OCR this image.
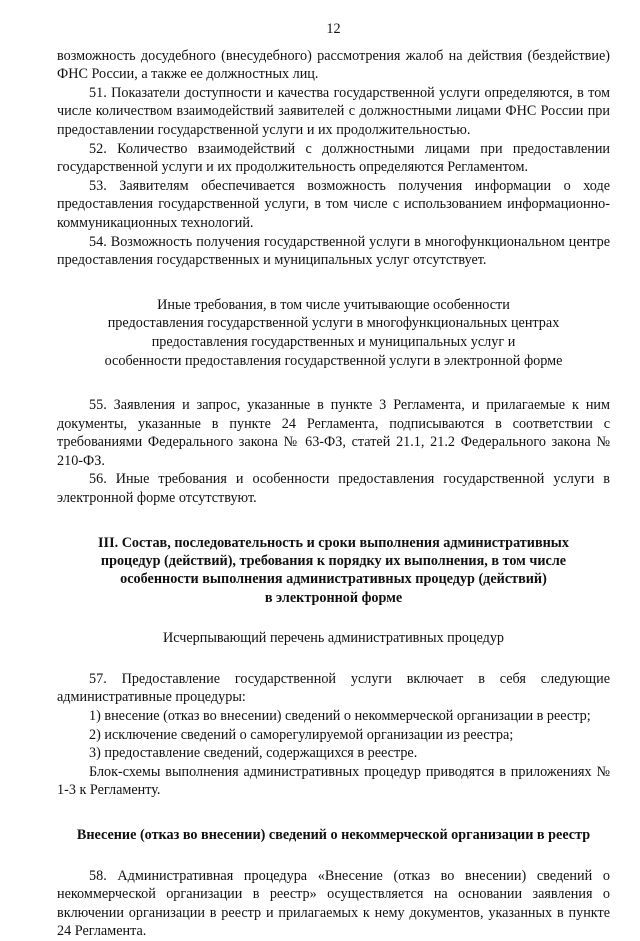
12

возможность досудебного (внесудебного) рассмотрения жалоб на действия (бездействие) ФНС России, а также ее должностных лиц.

51. Показатели доступности и качества государственной услуги определяются, в том числе количеством взаимодействий заявителей с должностными лицами ФНС России при предоставлении государственной услуги и их продолжительностью.

52. Количество взаимодействий с должностными лицами при предоставлении государственной услуги и их продолжительность определяются Регламентом.

53. Заявителям обеспечивается возможность получения информации о ходе предоставления государственной услуги, в том числе с использованием информационно-коммуникационных технологий.

54. Возможность получения государственной услуги в многофункциональном центре предоставления государственных и муниципальных услуг отсутствует.

Иные требования, в том числе учитывающие особенности
предоставления государственной услуги в многофункциональных центрах
предоставления государственных и муниципальных услуг и
особенности предоставления государственной услуги в электронной форме

55. Заявления и запрос, указанные в пункте 3 Регламента, и прилагаемые к ним документы, указанные в пункте 24 Регламента, подписываются в соответствии с требованиями Федерального закона № 63-ФЗ, статей 21.1, 21.2 Федерального закона № 210-ФЗ.

56. Иные требования и особенности предоставления государственной услуги в электронной форме отсутствуют.

III. Состав, последовательность и сроки выполнения административных
процедур (действий), требования к порядку их выполнения, в том числе
особенности выполнения административных процедур (действий)
в электронной форме
Исчерпывающий перечень административных процедур

57. Предоставление государственной услуги включает в себя следующие административные процедуры:

1) внесение (отказ во внесении) сведений о некоммерческой организации в реестр;

2) исключение сведений о саморегулируемой организации из реестра;

3) предоставление сведений, содержащихся в реестре.

Блок-схемы выполнения административных процедур приводятся в приложениях № 1-3 к Регламенту.

Внесение (отказ во внесении) сведений о некоммерческой организации в реестр

58. Административная процедура «Внесение (отказ во внесении) сведений о некоммерческой организации в реестр» осуществляется на основании заявления о включении организации в реестр и прилагаемых к нему документов, указанных в пункте 24 Регламента.
